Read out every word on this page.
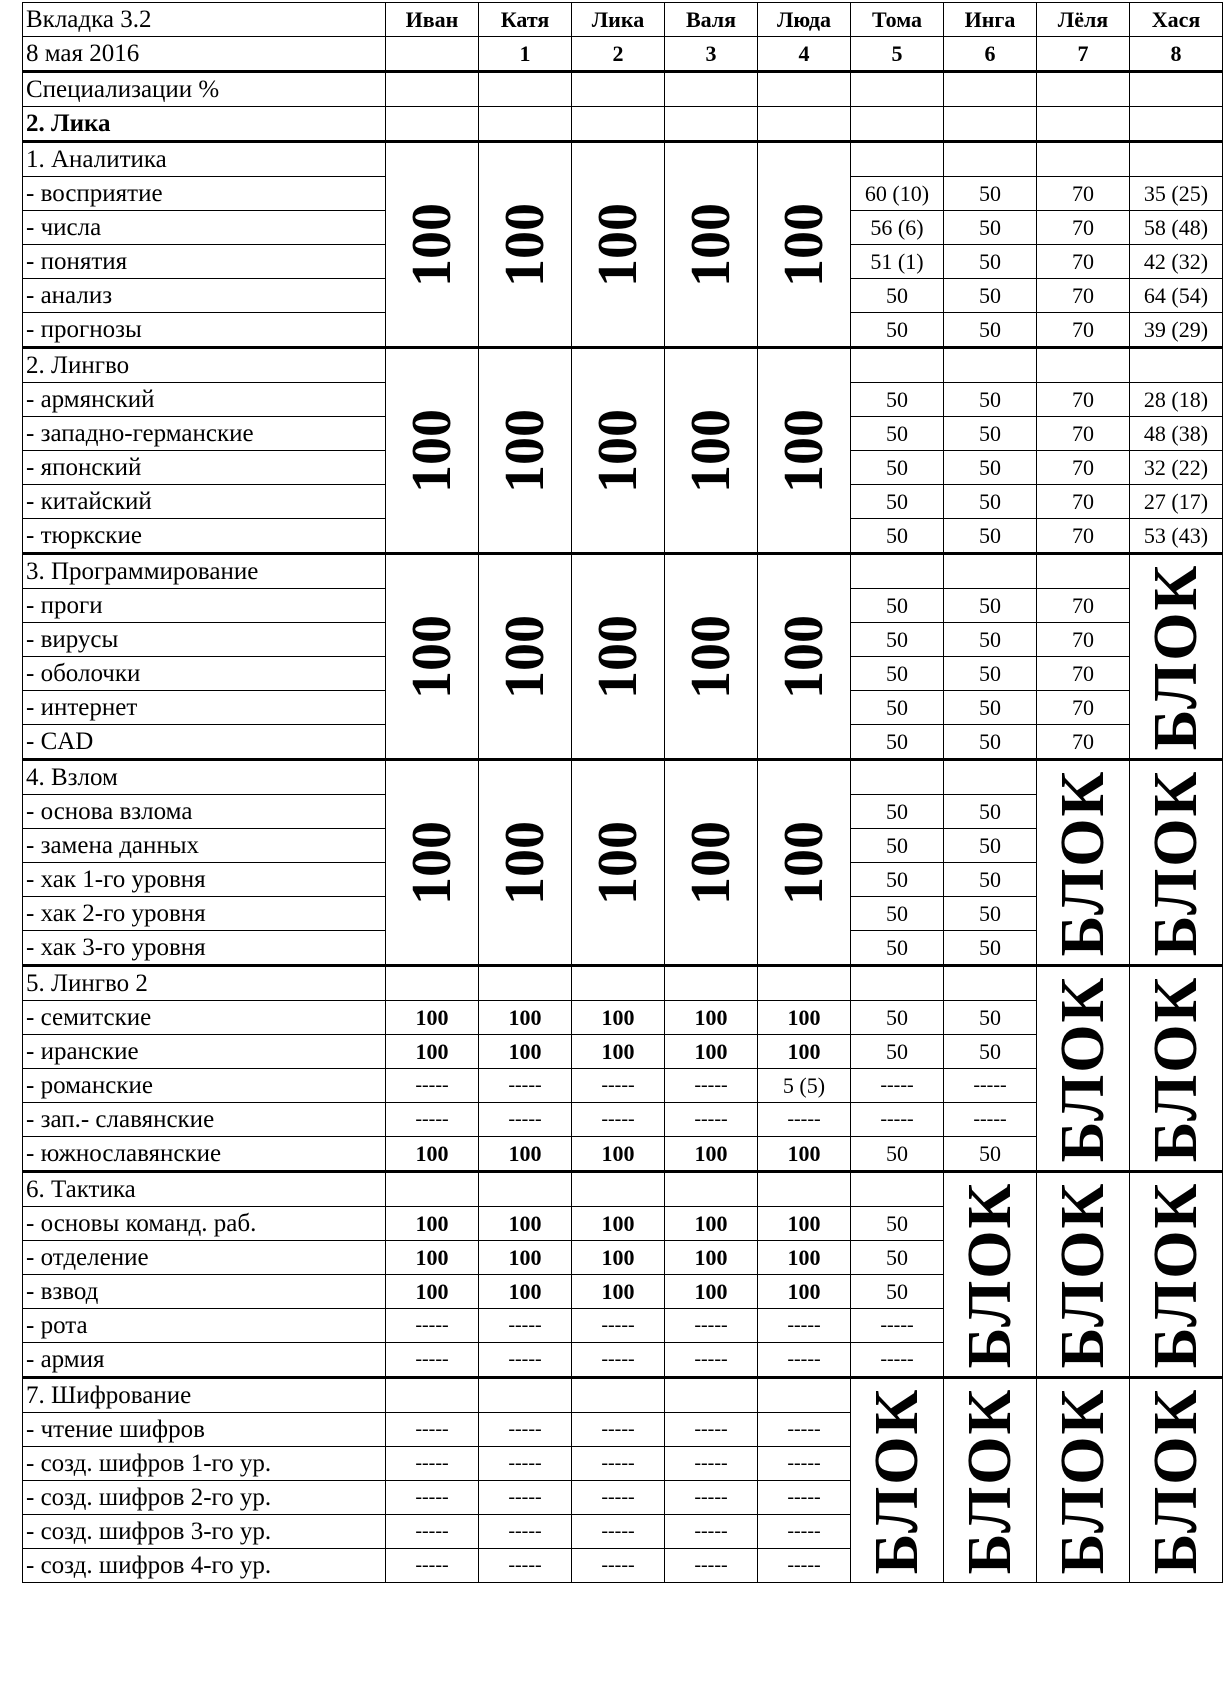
Вкладка 3.2	Иван	Катя	Лика	Валя	Люда	Тома	Инга	Лёля	Хася
8 мая 2016		1	2	3	4	5	6	7	8
Специализации %									
2. Лика									
1. Аналитика	100	100	100	100	100				

- восприятие						60 (10)	50	70	35 (25)
- числа						56 (6)	50	70	58 (48)
- понятия						51 (1)	50	70	42 (32)
- анализ						50	50	70	64 (54)
- прогнозы						50	50	70	39 (29)
2. Лингво	100	100	100	100	100				

- армянский						50	50	70	28 (18)
- западно-германские						50	50	70	48 (38)
- японский						50	50	70	32 (22)
- китайский						50	50	70	27 (17)
- тюркские						50	50	70	53 (43)
3. Программирование	100	100	100	100	100				БЛОК

- проги						50	50	70	
- вирусы						50	50	70	
- оболочки						50	50	70	
- интернет						50	50	70	
- CAD						50	50	70	
4. Взлом	100	100	100	100	100			БЛОК	БЛОК

- основа взлома						50	50		
- замена данных						50	50		
- хак 1-го уровня						50	50		
- хак 2-го уровня						50	50		
- хак 3-го уровня						50	50		
5. Лингво 2								БЛОК	БЛОК

- семитские	100	100	100	100	100	50	50		
- иранские	100	100	100	100	100	50	50		
- романские	-----	-----	-----	-----	5 (5)	-----	-----		
- зап.- славянские	-----	-----	-----	-----	-----	-----	-----		
- южнославянские	100	100	100	100	100	50	50		
6. Тактика							БЛОК	БЛОК	БЛОК

- основы команд. раб.	100	100	100	100	100	50			
- отделение	100	100	100	100	100	50			
- взвод	100	100	100	100	100	50			
- рота	-----	-----	-----	-----	-----	-----			
- армия	-----	-----	-----	-----	-----	-----			
7. Шифрование						БЛОК	БЛОК	БЛОК	БЛОК

- чтение шифров	-----	-----	-----	-----	-----				
- созд. шифров 1-го ур.	-----	-----	-----	-----	-----				
- созд. шифров 2-го ур.	-----	-----	-----	-----	-----				
- созд. шифров 3-го ур.	-----	-----	-----	-----	-----				
- созд. шифров 4-го ур.	-----	-----	-----	-----	-----				
